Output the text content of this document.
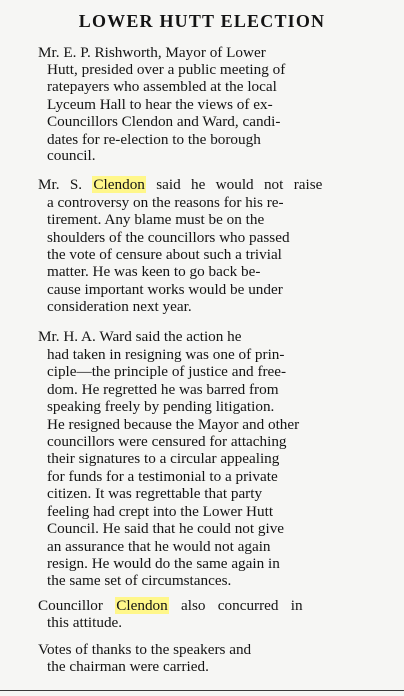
LOWER HUTT ELECTION
Mr. E. P. Rishworth, Mayor of Lower
Hutt, presided over a public meeting of
ratepayers who assembled at the local
Lyceum Hall to hear the views of ex-
Councillors Clendon and Ward, candi-
dates for re-election to the borough
council.
Mr. S. Clendon said he would not raise
a controversy on the reasons for his re-
tirement. Any blame must be on the
shoulders of the councillors who passed
the vote of censure about such a trivial
matter. He was keen to go back be-
cause important works would be under
consideration next year.
Mr. H. A. Ward said the action he
had taken in resigning was one of prin-
ciple—the principle of justice and free-
dom. He regretted he was barred from
speaking freely by pending litigation.
He resigned because the Mayor and other
councillors were censured for attaching
their signatures to a circular appealing
for funds for a testimonial to a private
citizen. It was regrettable that party
feeling had crept into the Lower Hutt
Council. He said that he could not give
an assurance that he would not again
resign. He would do the same again in
the same set of circumstances.
Councillor Clendon also concurred in
this attitude.
Votes of thanks to the speakers and
the chairman were carried.
